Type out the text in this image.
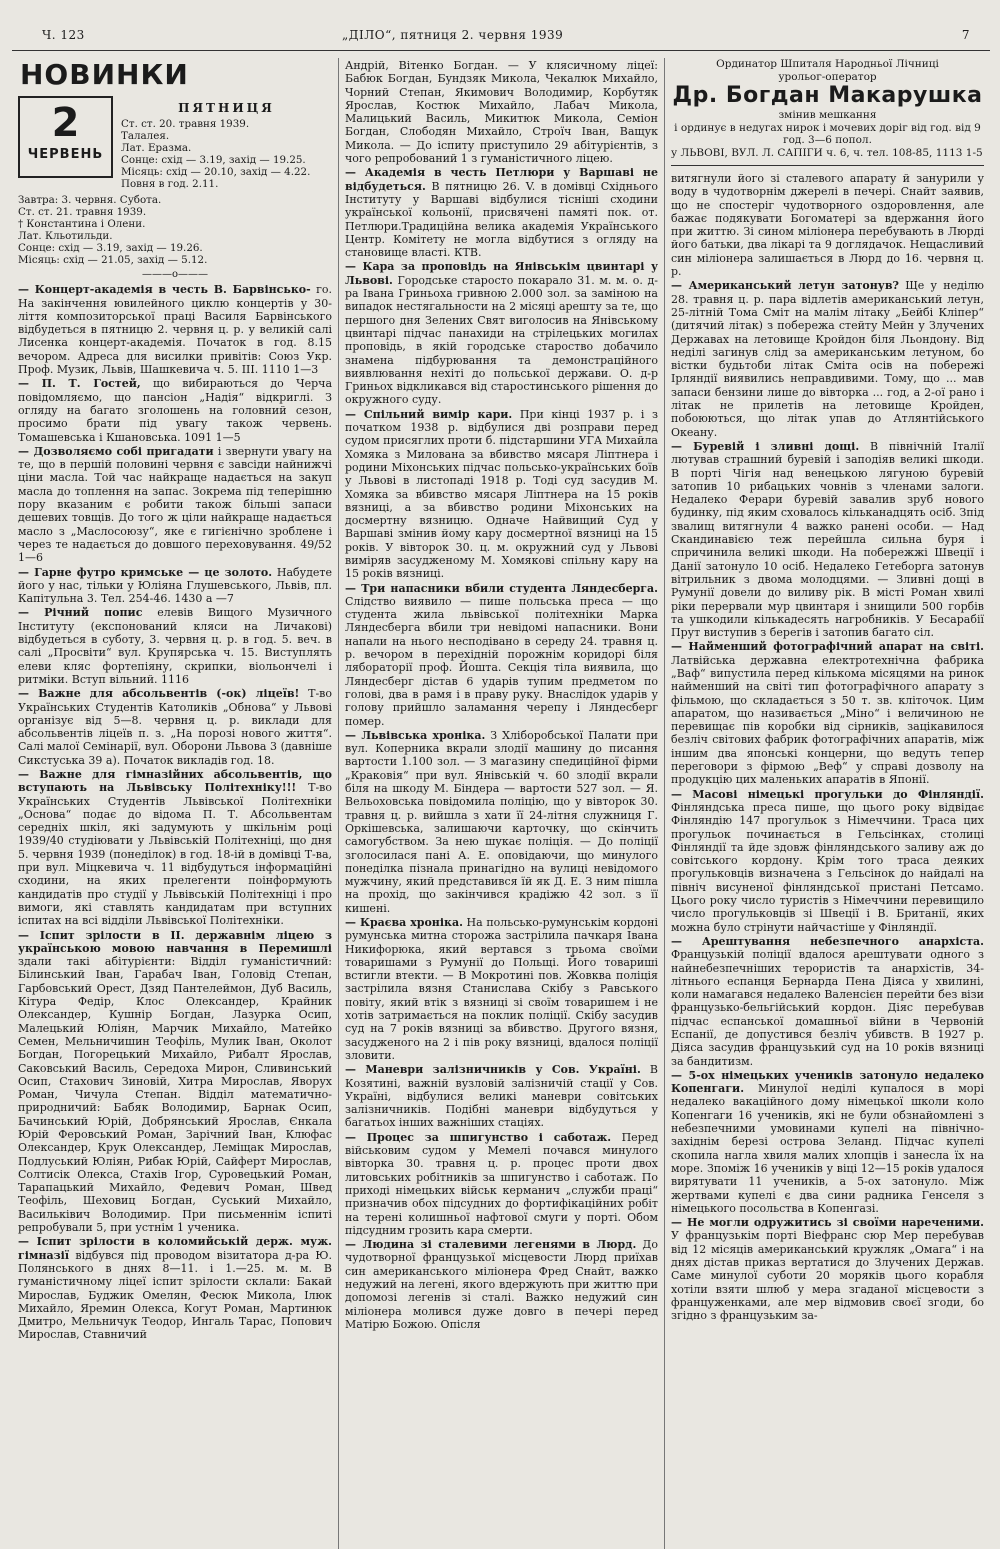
Ч. 123	„ДІЛО“, пятниця 2. червня 1939	7
НОВИНКИ
2
ЧЕРВЕНЬ
ПЯТНИЦЯ
Ст. ст. 20. травня 1939.
Талалея.
Лат. Еразма.
Сонце: схід — 3.19, захід — 19.25.
Місяць: схід — 20.10, захід — 4.22.
Повня в год. 2.11.
Завтра: 3. червня. Субота.
Ст. ст. 21. травня 1939.
† Константина і Олени.
Лат. Кльотильди.
Сонце: схід — 3.19, захід — 19.26.
Місяць: схід — 21.05, захід — 5.12.
———о———

— Концерт-академія в честь В. Барвінсько- го. На закінчення ювилейного циклю концертів у 30-ліття композиторської праці Василя Барвінського відбудеться в пятницю 2. червня ц. р. у великій салі Лисенка концерт-академія. Початок в год. 8.15 вечором. Адреса для висилки привітів: Союз Укр. Проф. Музик, Львів, Шашкевича ч. 5. III. 1110 1—3

— П. Т. Гостей, що вибираються до Черча повідомляємо, що пансіон „Надія“ відкриглі. З огляду на багато зголошень на головний сезон, просимо брати під увагу також червень. Томашевська і Кшановська. 1091 1—5

— Дозволяємо собі пригадати і звернути увагу на те, що в першій половині червня є завсіди найнижчі ціни масла. Той час найкраще надається на закуп масла до топлення на запас. Зокрема під теперішню пору вказаним є робити також більші запаси дешевих товщів. До того ж ціли найкраще надається масло з „Маслосоюзу“, яке є гигієнічно зроблене і через те надається до довшого переховування. 49/52 1—6

— Гарне футро кримське — це золото. Набудете його у нас, тільки у Юліяна Глушевського, Львів, пл. Капітульна 3. Тел. 254-46. 1430 а —7

— Річний попис елевів Вищого Музичного Інституту (експонований кляси на Личакові) відбудеться в суботу, 3. червня ц. р. в год. 5. веч. в салі „Просвіти“ вул. Крупярська ч. 15. Виступлять елеви кляс фортепіяну, скрипки, віольончелі і ритміки. Вступ вільний. 1116

— Важне для абсольвентів (-ок) ліцеїв! Т-во Українських Студентів Католиків „Обнова“ у Львові організує від 5—8. червня ц. р. виклади для абсольвентів ліцеїв п. з. „На порозі нового життя“. Салі малої Семінарії, вул. Оборони Львова 3 (давніше Сикстуська 39 а). Початок викладів год. 18.

— Важне для гімназійних абсольвентів, що вступають на Львівську Політехніку!!! Т-во Українських Студентів Львівської Політехніки „Основа“ подає до відома П. Т. Абсольвентам середніх шкіл, які задумують у шкільнім році 1939/40 студіювати у Львівській Політехніці, що дня 5. червня 1939 (понеділок) в год. 18-ій в домівці Т-ва, при вул. Міцкевича ч. 11 відбудуться інформаційні сходини, на яких прелегенти поінформують кандидатів про студії у Львівській Політехніці і про вимоги, які ставлять кандидатам при вступних іспитах на всі відділи Львівської Політехніки.

— Іспит зрілости в II. державнім ліцею з українською мовою навчання в Перемишлі здали такі абітурієнти: Відділ гуманістичний: Білинський Іван, Гарабач Іван, Головід Степан, Гарбовський Орест, Дзяд Пантелеймон, Дуб Василь, Кітура Федір, Клос Олександер, Крайник Олександер, Кушнір Богдан, Лазурка Осип, Малецький Юліян, Марчик Михайло, Матейко Семен, Мельничишин Теофіль, Мулик Іван, Околот Богдан, Погорецький Михайло, Рибалт Ярослав, Саковський Василь, Середоха Мирон, Сливинський Осип, Стахович Зиновій, Хитра Мирослав, Яворух Роман, Чичула Степан. Відділ математично-природничий: Бабяк Володимир, Барнак Осип, Бачинський Юрій, Добрянський Ярослав, Єнкала Юрій Феровський Роман, Зарічний Іван, Клюфас Олександер, Крук Олександер, Леміщак Мирослав, Подлуський Юліян, Рибак Юрій, Сайферт Мирослав, Солтисік Олекса, Стахів Ігор, Суровецький Роман, Тарапацький Михайло, Федевич Роман, Швед Теофіль, Шеховиц Богдан, Суський Михайло, Васильківич Володимир. При письменнім іспиті репробували 5, при устнім 1 ученика.

— Іспит зрілости в коломийській держ. муж. гімназії відбувся під проводом візитатора д-ра Ю. Полянського в днях 8—11. і 1.—25. м. м. В гуманістичному ліцеї іспит зрілости склали: Бакай Мирослав, Буджик Омелян, Фесюк Микола, Ілюк Михайло, Яремин Олекса, Когут Роман, Мартинюк Дмитро, Мельничук Теодор, Ингаль Тарас, Попович Мирослав, Ставничий

Андрій, Вітенко Богдан. — У клясичному ліцеї: Бабюк Богдан, Бундзяк Микола, Чекалюк Михайло, Чорний Степан, Якимович Володимир, Корбутяк Ярослав, Костюк Михайло, Лабач Микола, Малицький Василь, Микитюк Микола, Семіон Богдан, Слободян Михайло, Строїч Іван, Ващук Микола. — До іспиту приступило 29 абітурієнтів, з чого репробований 1 з гуманістичного ліцею.

— Академія в честь Петлюри у Варшаві не відбудеться. В пятницю 26. V. в домівці Східнього Інституту у Варшаві відбулися тісніші сходини української кольонії, присвячені памяті пок. от. Петлюри.Традиційна велика академія Українського Центр. Комітету не могла відбутися з огляду на становище власті. КТВ.

— Кара за проповідь на Янівськім цвинтарі у Львові. Городське старосто покарало 31. м. м. о. д-ра Івана Гриньоха гривною 2.000 зол. за заміною на випадок нестягальности на 2 місяці арешту за те, що першого дня Зелених Свят виголосив на Янівському цвинтарі підчас панахиди на стрілецьких могилах проповідь, в якій городське староство добачило знамена підбурювання та демонстраційного виявлювання нехіті до польської держави. О. д-р Гриньох відкликався від старостинського рішення до окружного суду.

— Спільний вимір кари. При кінці 1937 р. і з початком 1938 р. відбулися дві розправи перед судом присяглих проти б. підстаршини УГА Михайла Хомяка з Милована за вбивство мясаря Ліптнера і родини Міхонських підчас польсько-українських боїв у Львові в листопаді 1918 р. Тоді суд засудив М. Хомяка за вбивство мясаря Ліптнера на 15 років вязниці, а за вбивство родини Міхонських на досмертну вязницю. Одначе Найвищий Суд у Варшаві змінив йому кару досмертної вязниці на 15 років. У вівторок 30. ц. м. окружний суд у Львові виміряв засудженому М. Хомякові спільну кару на 15 років вязниці.

— Три напасники вбили студента Ляндесберга. Слідство виявило — пише польська преса — що студента жила львівської політехніки Марка Ляндесберга вбили три невідомі напасники. Вони напали на нього несподівано в середу 24. травня ц. р. вечором в перехідній порожнім коридорі біля лябораторії проф. Йошта. Секція тіла виявила, що Ляндесберг дістав 6 ударів тупим предметом по голові, два в рамя і в праву руку. Внаслідок ударів у голову прийшло заламання черепу і Ляндесберг помер.

— Львівська хроніка. З Хліборобської Палати при вул. Коперника вкрали злодії машину до писання вартости 1.100 зол. — З магазину спедиційної фірми „Краковія“ при вул. Янівській ч. 60 злодії вкрали біля на шкоду М. Біндера — вартости 527 зол. — Я. Вельоховська повідомила поліцію, що у вівторок 30. травня ц. р. вийшла з хати її 24-літня служниця Г. Оркішевська, залишаючи карточку, що скінчить самогубством. За нею шукає поліція. — До поліції зголосилася пані А. Е. оповідаючи, що минулого понеділка пізнала принагідно на вулиці невідомого мужчину, який представився їй як Д. Е. З ним пішла на прохід, що закінчився крадіжю 42 зол. з її кишені.

— Краєва хроніка. На польсько-румунськім кордоні румунська митна сторожа застрілила пачкаря Івана Никифорюка, який вертався з трьома своїми товаришами з Румунії до Польщі. Його товариші встигли втекти. — В Мокротині пов. Жовква поліція застрілила вязня Станислава Скібу з Равського повіту, який втік з вязниці зі своїм товаришем і не хотів затримається на поклик поліції. Скібу засудив суд на 7 років вязниці за вбивство. Другого вязня, засудженого на 2 і пів року вязниці, вдалося поліції зловити.

— Маневри залізничників у Сов. Україні. В Козятині, важній вузловій залізничій стації у Сов. Україні, відбулися великі маневри совітських залізничників. Подібні маневри відбудуться у багатьох інших важніших стаціях.

— Процес за шпигунство і саботаж. Перед військовим судом у Мемелі почався минулого вівторка 30. травня ц. р. процес проти двох литовських робітників за шпигунство і саботаж. По приході німецьких військ керманич „служби праці“ призначив обох підсудних до фортифікаційних робіт на терені колишньої нафтової смуги у порті. Обом підсудним грозить кара смерти.

— Людина зі сталевими легенями в Люрд. До чудотворної французької місцевости Люрд приїхав син американського міліонера Фред Снайт, важко недужий на легені, якого вдержують при життю при допомозі легенів зі сталі. Важко недужий син міліонера молився дуже довго в печері перед Матірю Божою. Опісля

Ординатор Шпиталя Народньої Лічниці
урольог-оператор
Др. Богдан Макарушка
змінив мешкання
і ординує в недугах нирок і мочевих доріг від год. від 9 год. 3—6 попол.
у ЛЬВОВІ, ВУЛ. Л. САПІГИ ч. 6, ч. тел. 108-85, 1113 1-5

витягнули його зі сталевого апарату й занурили у воду в чудотворнім джерелі в печері. Снайт заявив, що не спостеріг чудотворного оздоровлення, але бажає подякувати Богоматері за вдержання його при життю. Зі сином міліонера перебувають в Люрді його батьки, два лікарі та 9 доглядачок. Нещасливий син міліонера залишається в Люрд до 16. червня ц. р.

— Американський летун затонув? Ще у неділю 28. травня ц. р. пара відлетів американський летун, 25-літній Тома Сміт на малім літаку „Бейбі Кліпер“ (дитячий літак) з побережа стейту Мейн у Злучених Державах на летовище Кройдон біля Льондону. Від неділі загинув слід за американським летуном, бо вістки будьтоби літак Сміта осів на побережі Ірляндії виявились неправдивими. Тому, що ... мав запаси бензини лише до вівторка ... год, а 2-ої рано і літак не прилетів на летовище Кройден, побоюються, що літак упав до Атлянтійського Океану.

— Буревій і зливні дощі. В північній Італії лютував страшний буревій і заподіяв великі шкоди. В порті Чігія над венецькою лягуною буревій затопив 10 рибацьких човнів з членами залоги. Недалеко Ферари буревій завалив зруб нового будинку, під яким сховалось кільканадцять осіб. Зпід звалищ витягнули 4 важко ранені особи. — Над Скандинавією теж перейшла сильна буря і спричинила великі шкоди. На побережжі Швеції і Данії затонуло 10 осіб. Недалеко Гетеборга затонув вітрильник з двома молодцями. — Зливні дощі в Румунії довели до виливу рік. В місті Роман хвилі ріки перервали мур цвинтаря і знищили 500 горбів та ушкодили кількадесять нагробників. У Бесарабії Прут виступив з берегів і затопив багато сіл.

— Найменший фотографічний апарат на світі. Латвійська державна електротехнічна фабрика „Ваф“ випустила перед кількома місяцями на ринок найменший на світі тип фотографічного апарату з фільмою, що складається з 50 т. зв. кліточок. Цим апаратом, що називається „Міно“ і величиною не перевищає пів коробки від сірників, зацікавилося безліч світових фабрик фотографічних апаратів, між іншим два японські концерни, що ведуть тепер переговори з фірмою „Веф“ у справі дозволу на продукцію цих маленьких апаратів в Японії.

— Масові німецькі прогульки до Фінляндії. Фінляндська преса пише, що цього року відвідає Фінляндію 147 прогульок з Німеччини. Траса цих прогульок починається в Гельсінках, столиці Фінляндії та йде здовж фінляндського заливу аж до совітського кордону. Крім того траса деяких прогульковців визначена з Гельсінок до найдалі на північ висуненої фінляндської пристані Петсамо. Цього року число туристів з Німеччини перевищило число прогульковців зі Швеції і В. Британії, яких можна було стрінути найчастіше у Фінляндії.

— Арештування небезпечного анархіста. Французькій поліції вдалося арештувати одного з найнебезпечніших терористів та анархістів, 34-літнього еспанця Бернарда Пена Діяса у хвилині, коли намагався недалеко Валенсієн перейти без візи французько-бельгійський кордон. Діяс перебував підчас еспанської домашньої війни в Червоній Еспанії, де допустився безліч убивств. В 1927 р. Діяса засудив французький суд на 10 років вязниці за бандитизм.

— 5-ох німецьких учеників затонуло недалеко Копенгаги. Минулої неділі купалося в морі недалеко вакаційного дому німецької школи коло Копенгаги 16 учеників, які не були обзнайомлені з небезпечними умовинами купелі на північно-західнім березі острова Зеланд. Підчас купелі скопила нагла хвиля малих хлопців і занесла їх на море. Зпоміж 16 учеників у віці 12—15 років удалося вирятувати 11 учеників, а 5-ох затонуло. Між жертвами купелі є два сини радника Генселя з німецького посольства в Копенгазі.

— Не могли одружитись зі своїми нареченими. У французькім порті Віефранс сюр Мер перебував від 12 місяців американський кружляк „Омага“ і на днях дістав приказ вертатися до Злучених Держав. Саме минулої суботи 20 моряків цього корабля хотіли взяти шлюб у мера згаданої місцевости з француженками, але мер відмовив своєї згоди, бо згідно з французьким за-
